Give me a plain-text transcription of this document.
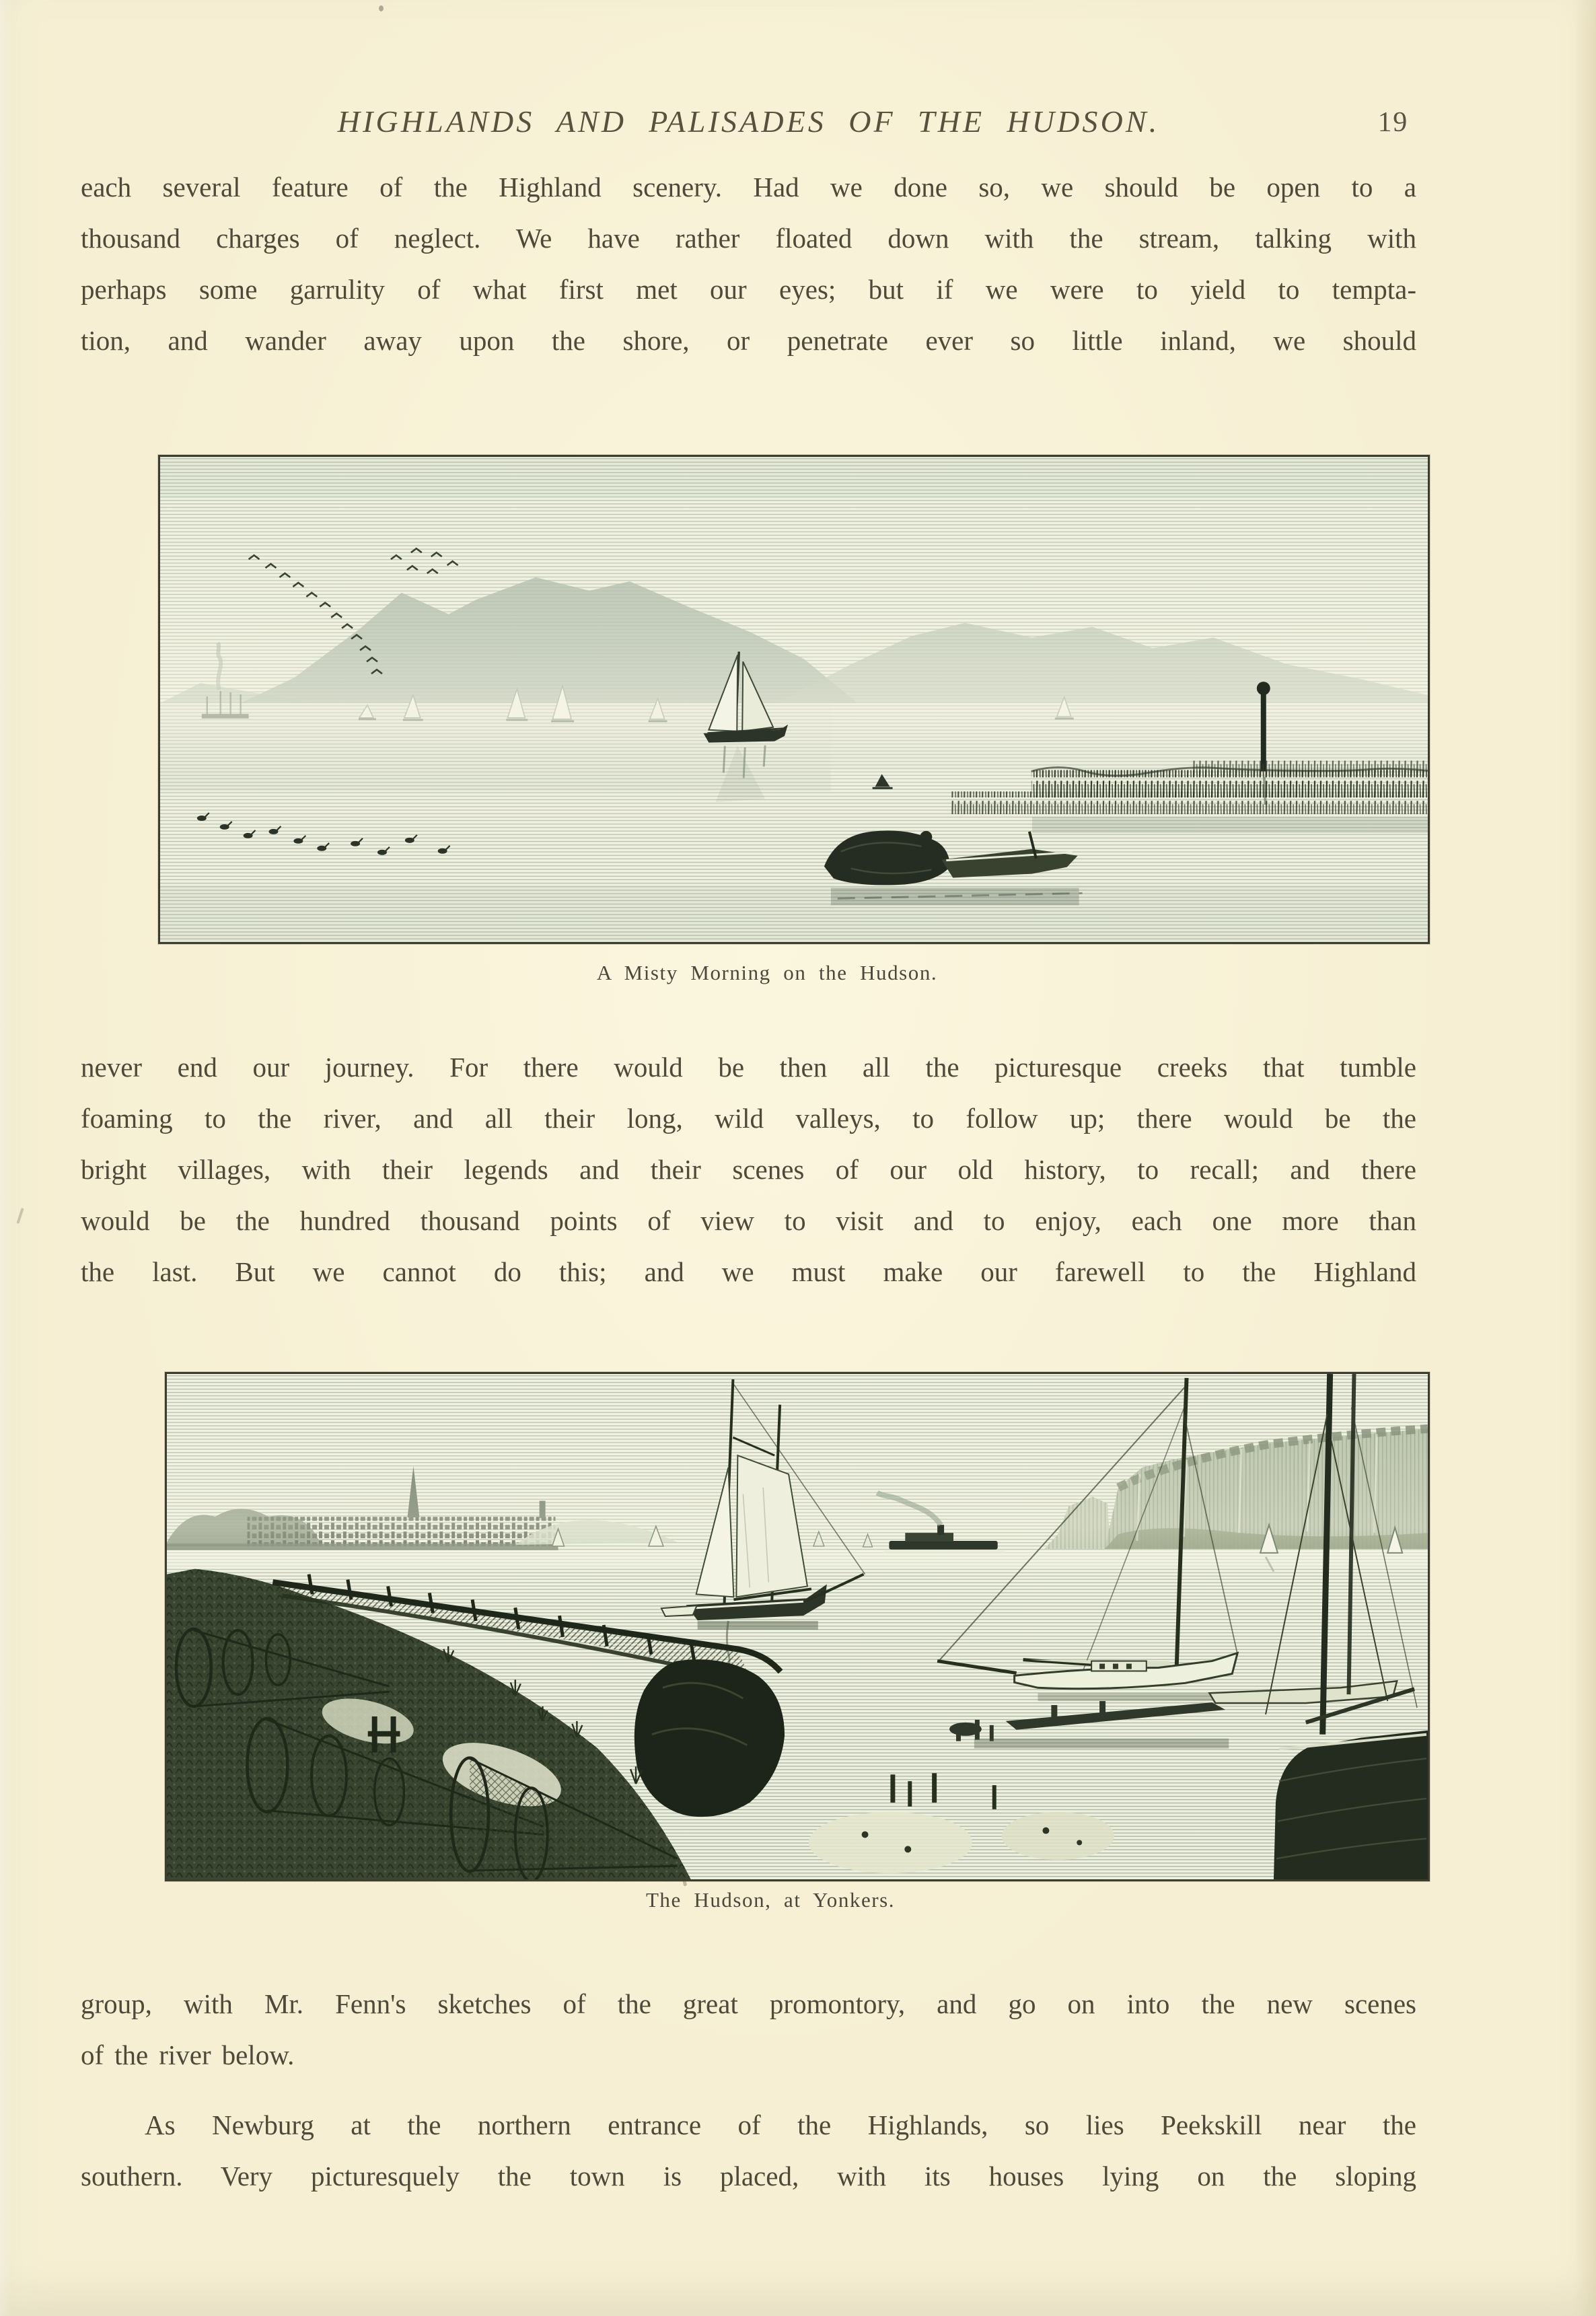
HIGHLANDS AND PALISADES OF THE HUDSON.	19
each several feature of the Highland scenery. Had we done so, we should be open to a
thousand charges of neglect. We have rather floated down with the stream, talking with
perhaps some garrulity of what first met our eyes; but if we were to yield to tempta-
tion, and wander away upon the shore, or penetrate ever so little inland, we should
A Misty Morning on the Hudson.
never end our journey. For there would be then all the picturesque creeks that tumble
foaming to the river, and all their long, wild valleys, to follow up; there would be the
bright villages, with their legends and their scenes of our old history, to recall; and there
would be the hundred thousand points of view to visit and to enjoy, each one more than
the last. But we cannot do this; and we must make our farewell to the Highland
The Hudson, at Yonkers.
group, with Mr. Fenn's sketches of the great promontory, and go on into the new scenes
of the river below.
As Newburg at the northern entrance of the Highlands, so lies Peekskill near the
southern. Very picturesquely the town is placed, with its houses lying on the sloping
